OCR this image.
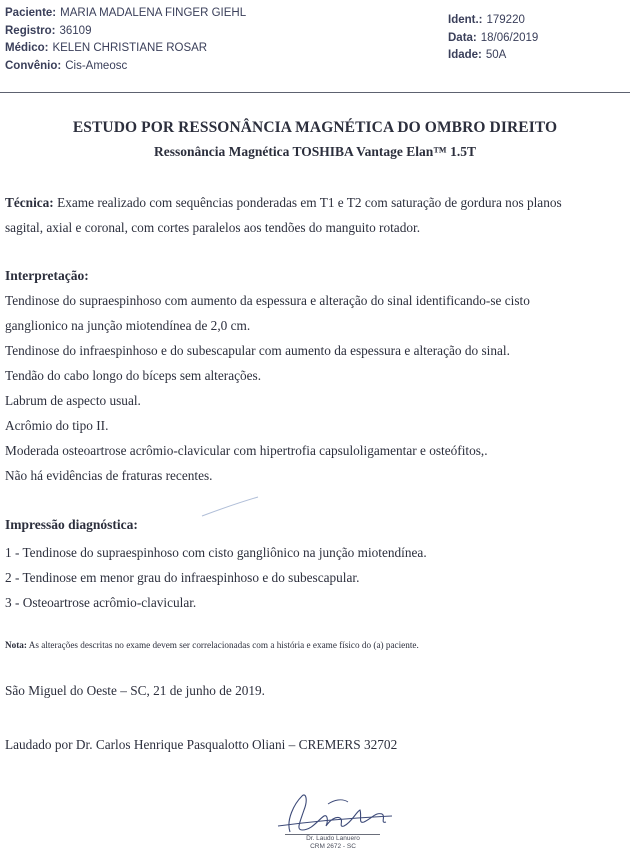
Paciente: MARIA MADALENA FINGER GIEHL
Registro: 36109
Médico: KELEN CHRISTIANE ROSAR
Convênio: Cis-Ameosc
Ident.: 179220
Data: 18/06/2019
Idade: 50A
ESTUDO POR RESSONÂNCIA MAGNÉTICA DO OMBRO DIREITO
Ressonância Magnética TOSHIBA Vantage Elan™ 1.5T
Técnica: Exame realizado com sequências ponderadas em T1 e T2 com saturação de gordura nos planos
sagital, axial e coronal, com cortes paralelos aos tendões do manguito rotador.
Interpretação:
Tendinose do supraespinhoso com aumento da espessura e alteração do sinal identificando-se cisto
ganglionico na junção miotendínea de 2,0 cm.
Tendinose do infraespinhoso e do subescapular com aumento da espessura e alteração do sinal.
Tendão do cabo longo do bíceps sem alterações.
Labrum de aspecto usual.
Acrômio do tipo II.
Moderada osteoartrose acrômio-clavicular com hipertrofia capsuloligamentar e osteófitos,.
Não há evidências de fraturas recentes.
Impressão diagnóstica:
1 - Tendinose do supraespinhoso com cisto gangliônico na junção miotendínea.
2 - Tendinose em menor grau do infraespinhoso e do subescapular.
3 - Osteoartrose acrômio-clavicular.
Nota: As alterações descritas no exame devem ser correlacionadas com a história e exame físico do (a) paciente.
São Miguel do Oeste – SC, 21 de junho de 2019.
Laudado por Dr. Carlos Henrique Pasqualotto Oliani – CREMERS 32702
Dr. Laudo Lanuero
CRM 2672 - SC
